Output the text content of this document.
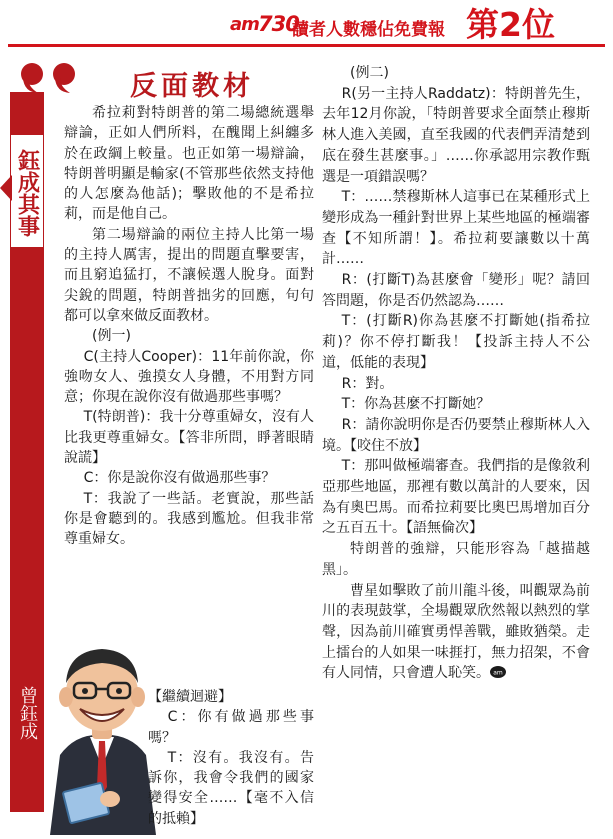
am 730
讀者人數穩佔免費報 第2位
鈺成其事
曾鈺成
反面教材

希拉莉對特朗普的第二場總統選舉辯論，正如人們所料，在醜聞上糾纏多於在政綱上較量。也正如第一場辯論，特朗普明顯是輸家(不管那些依然支持他的人怎麼為他話)；擊敗他的不是希拉莉，而是他自己。

第二場辯論的兩位主持人比第一場的主持人厲害，提出的問題直擊要害，而且窮追猛打，不讓候選人脫身。面對尖銳的問題，特朗普拙劣的回應，句句都可以拿來做反面教材。

(例一)

C(主持人Cooper)：11年前你說，你強吻女人、強摸女人身體，不用對方同意；你現在說你沒有做過那些事嗎？

T(特朗普)：我十分尊重婦女，沒有人比我更尊重婦女。【答非所問，睜著眼睛說謊】

C：你是說你沒有做過那些事？

T：我說了一些話。老實說，那些話你是會聽到的。我感到尷尬。但我非常尊重婦女。

【繼續迴避】

C：你有做過那些事嗎？

T：沒有。我沒有。告訴你，我會令我們的國家變得安全……【毫不入信的抵賴】

(例二)

R(另一主持人Raddatz)：特朗普先生，去年12月你說，「特朗普要求全面禁止穆斯林人進入美國，直至我國的代表們弄清楚到底在發生甚麼事。」……你承認用宗教作甄選是一項錯誤嗎？

T：……禁穆斯林人這事已在某種形式上變形成為一種針對世界上某些地區的極端審查【不知所謂！】。希拉莉要讓數以十萬計……

R：(打斷T)為甚麼會「變形」呢？請回答問題，你是否仍然認為……

T：(打斷R)你為甚麼不打斷她(指希拉莉)？你不停打斷我！【投訴主持人不公道，低能的表現】

R：對。

T：你為甚麼不打斷她？

R：請你說明你是否仍要禁止穆斯林人入境。【咬住不放】

T：那叫做極端審查。我們指的是像敘利亞那些地區，那裡有數以萬計的人要來，因為有奧巴馬。而希拉莉要比奧巴馬增加百分之五百五十。【語無倫次】

特朗普的強辯，只能形容為「越描越黑」。

曹星如擊敗了前川龍斗後，叫觀眾為前川的表現鼓掌，全場觀眾欣然報以熱烈的掌聲，因為前川確實勇悍善戰，雖敗猶榮。走上擂台的人如果一味捱打，無力招架，不會有人同情，只會遭人恥笑。 am
